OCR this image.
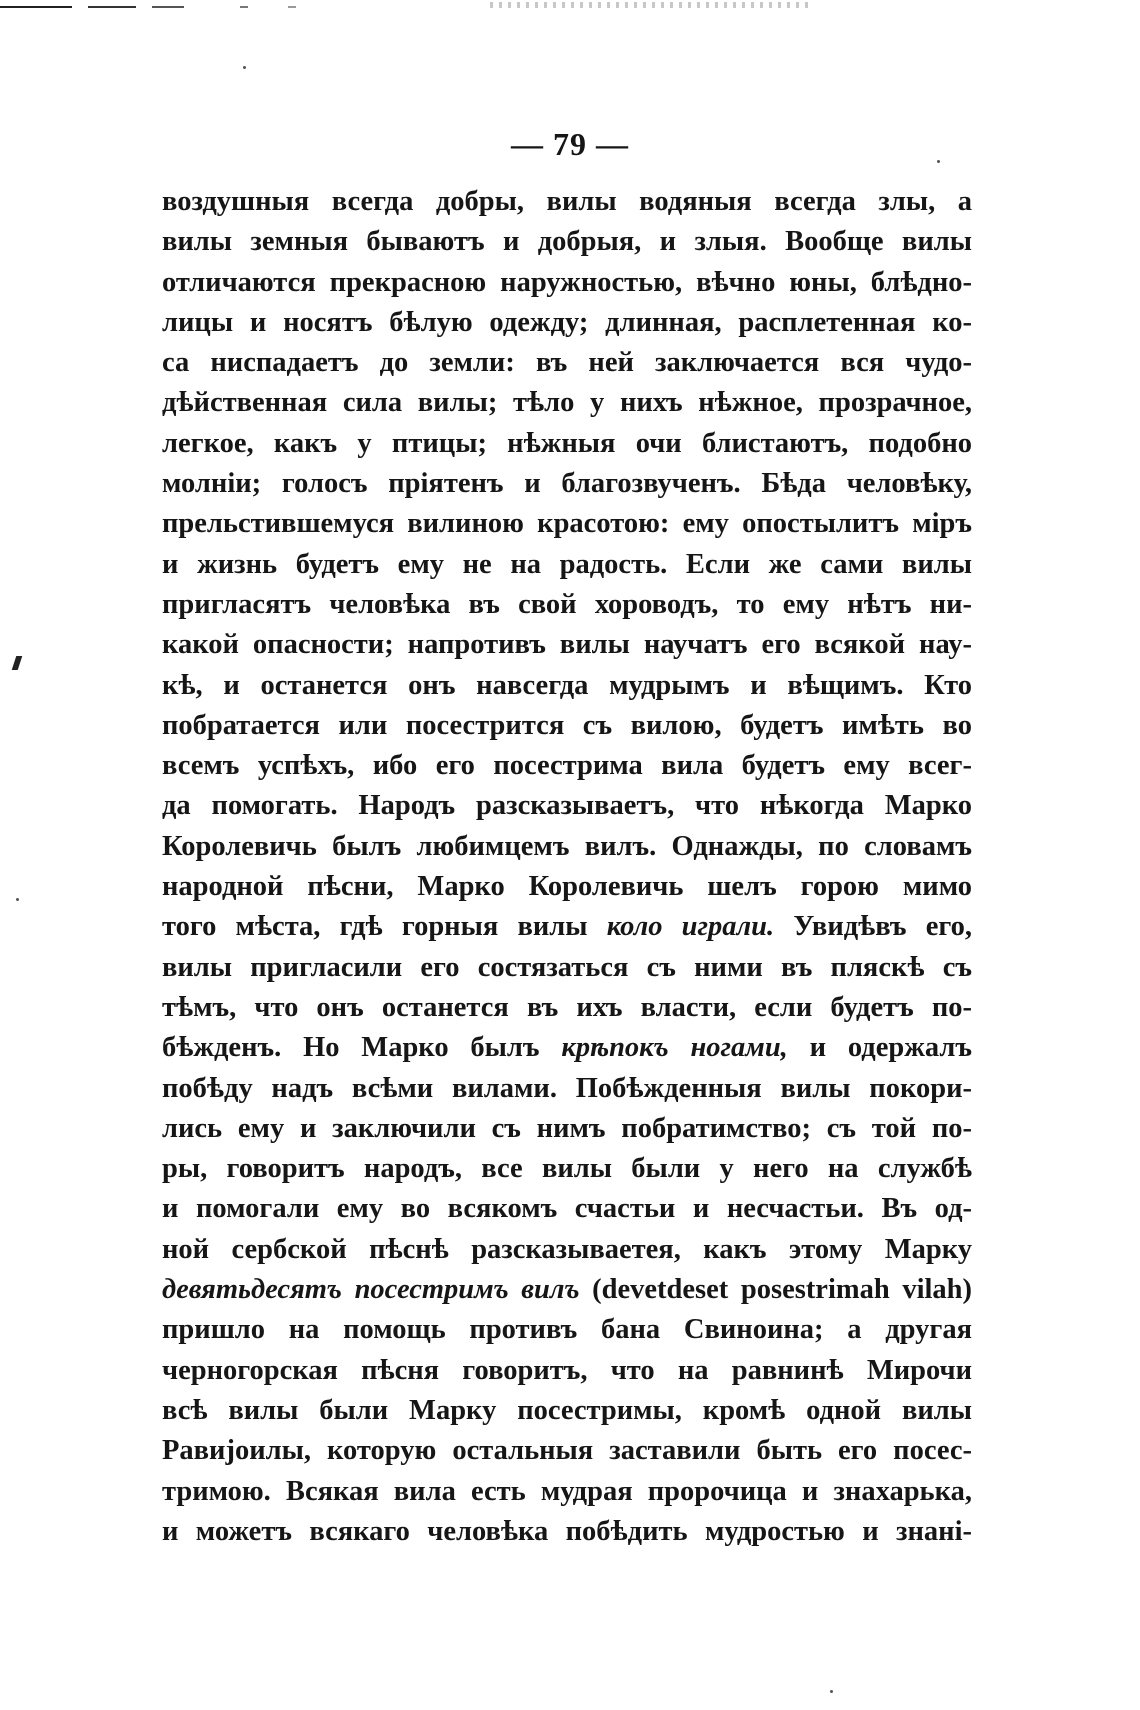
— 79 —
воздушныя всегда добры, вилы водяныя всегда злы, а
вилы земныя бываютъ и добрыя, и злыя. Вообще вилы
отличаются прекрасною наружностью, вѣчно юны, блѣдно-
лицы и носятъ бѣлую одежду; длинная, расплетенная ко-
са ниспадаетъ до земли: въ ней заключается вся чудо-
дѣйственная сила вилы; тѣло у нихъ нѣжное, прозрачное,
легкое, какъ у птицы; нѣжныя очи блистаютъ, подобно
молніи; голосъ пріятенъ и благозвученъ. Бѣда человѣку,
прельстившемуся вилиною красотою: ему опостылитъ міръ
и жизнь будетъ ему не на радость. Если же сами вилы
пригласятъ человѣка въ свой хороводъ, то ему нѣтъ ни-
какой опасности; напротивъ вилы научатъ его всякой нау-
кѣ, и останется онъ навсегда мудрымъ и вѣщимъ. Кто
побратается или посестрится съ вилою, будетъ имѣть во
всемъ успѣхъ, ибо его посестрима вила будетъ ему всег-
да помогать. Народъ разсказываетъ, что нѣкогда Марко
Королевичь былъ любимцемъ вилъ. Однажды, по словамъ
народной пѣсни, Марко Королевичь шелъ горою мимо
того мѣста, гдѣ горныя вилы коло играли. Увидѣвъ его,
вилы пригласили его состязаться съ ними въ пляскѣ съ
тѣмъ, что онъ останется въ ихъ власти, если будетъ по-
бѣжденъ. Но Марко былъ крѣпокъ ногами, и одержалъ
побѣду надъ всѣми вилами. Побѣжденныя вилы покори-
лись ему и заключили съ нимъ побратимство; съ той по-
ры, говоритъ народъ, все вилы были у него на службѣ
и помогали ему во всякомъ счастьи и несчастьи. Въ од-
ной сербской пѣснѣ разсказываетея, какъ этому Марку
девятьдесятъ посестримъ вилъ (devetdeset posestrimah vilah)
пришло на помощь противъ бана Свиноина; а другая
черногорская пѣсня говоритъ, что на равнинѣ Мирочи
всѣ вилы были Марку посестримы, кромѣ одной вилы
Равијоилы, которую остальныя заставили быть его посес-
тримою. Всякая вила есть мудрая пророчица и знахарька,
и можетъ всякаго человѣка побѣдить мудростью и знані-
